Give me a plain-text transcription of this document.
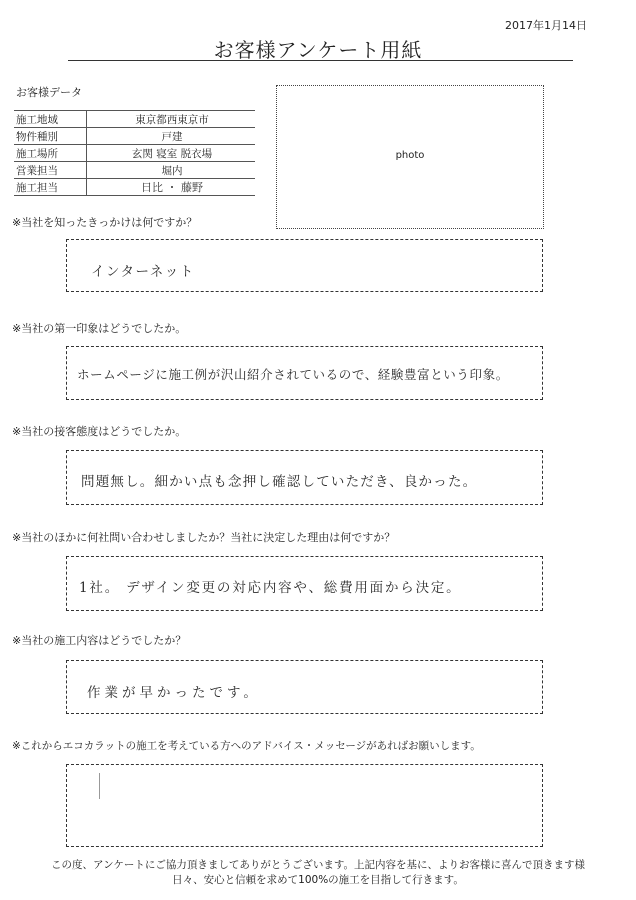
2017年1月14日
お客様アンケート用紙
お客様データ
施工地域	東京都西東京市
物件種別	戸建
施工場所	玄関 寝室 脱衣場
営業担当	堀内
施工担当	日比 ・ 藤野
photo
※当社を知ったきっかけは何ですか？
インターネット
※当社の第一印象はどうでしたか。
ホームページに施工例が沢山紹介されているので、経験豊富という印象。
※当社の接客態度はどうでしたか。
問題無し。細かい点も念押し確認していただき、良かった。
※当社のほかに何社問い合わせしましたか？当社に決定した理由は何ですか？
1社。 デザイン変更の対応内容や、総費用面から決定。
※当社の施工内容はどうでしたか？
作業が早かったです。
※これからエコカラットの施工を考えている方へのアドバイス・メッセージがあればお願いします。
この度、アンケートにご協力頂きましてありがとうございます。上記内容を基に、よりお客様に喜んで頂きます様
日々、安心と信頼を求めて100%の施工を目指して行きます。
